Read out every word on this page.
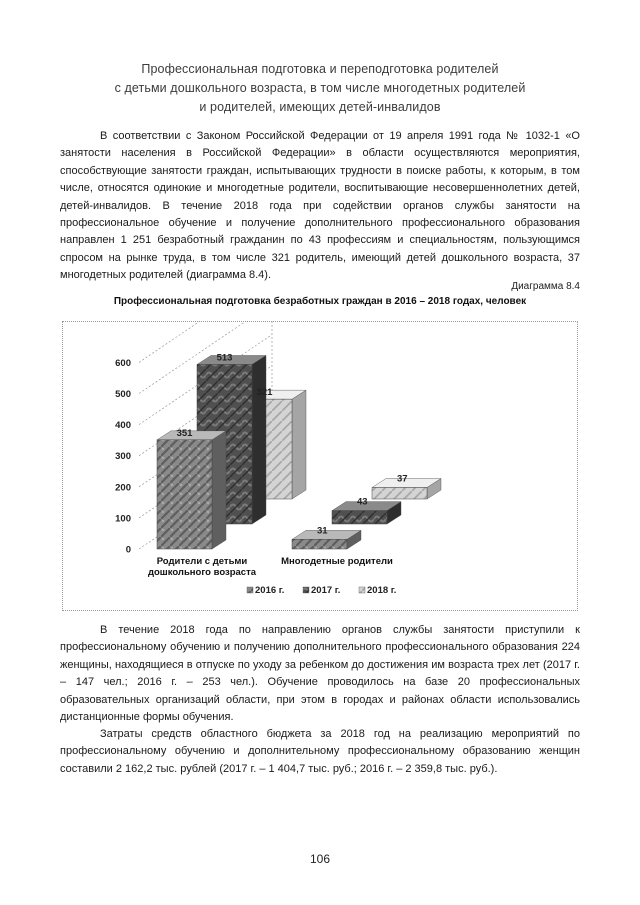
Профессиональная подготовка и переподготовка родителей
с детьми дошкольного возраста, в том числе многодетных родителей
и родителей, имеющих детей-инвалидов
В соответствии с Законом Российской Федерации от 19 апреля 1991 года № 1032-1 «О занятости населения в Российской Федерации» в области осуществляются мероприятия, способствующие занятости граждан, испытывающих трудности в поиске работы, к которым, в том числе, относятся одинокие и многодетные родители, воспитывающие несовершеннолетних детей, детей-инвалидов. В течение 2018 года при содействии органов службы занятости на профессиональное обучение и получение дополнительного профессионального образования направлен 1 251 безработный гражданин по 43 профессиям и специальностям, пользующимся спросом на рынке труда, в том числе 321 родитель, имеющий детей дошкольного возраста, 37 многодетных родителей (диаграмма 8.4).
Диаграмма 8.4
Профессиональная подготовка безработных граждан в 2016 – 2018 годах, человек
0
100
200
300
400
500
600
321
37
513
43
351
31
Родители с детьми
дошкольного возраста
Многодетные родители
2016 г.	2017 г.	2018 г.
В течение 2018 года по направлению органов службы занятости приступили к профессиональному обучению и получению дополнительного профессионального образования 224 женщины, находящиеся в отпуске по уходу за ребенком до достижения им возраста трех лет (2017 г. – 147 чел.; 2016 г. – 253 чел.). Обучение проводилось на базе 20 профессиональных образовательных организаций области, при этом в городах и районах области использовались дистанционные формы обучения.
Затраты средств областного бюджета за 2018 год на реализацию мероприятий по профессиональному обучению и дополнительному профессиональному образованию женщин составили 2 162,2 тыс. рублей (2017 г. – 1 404,7 тыс. руб.; 2016 г. – 2 359,8 тыс. руб.).
106
